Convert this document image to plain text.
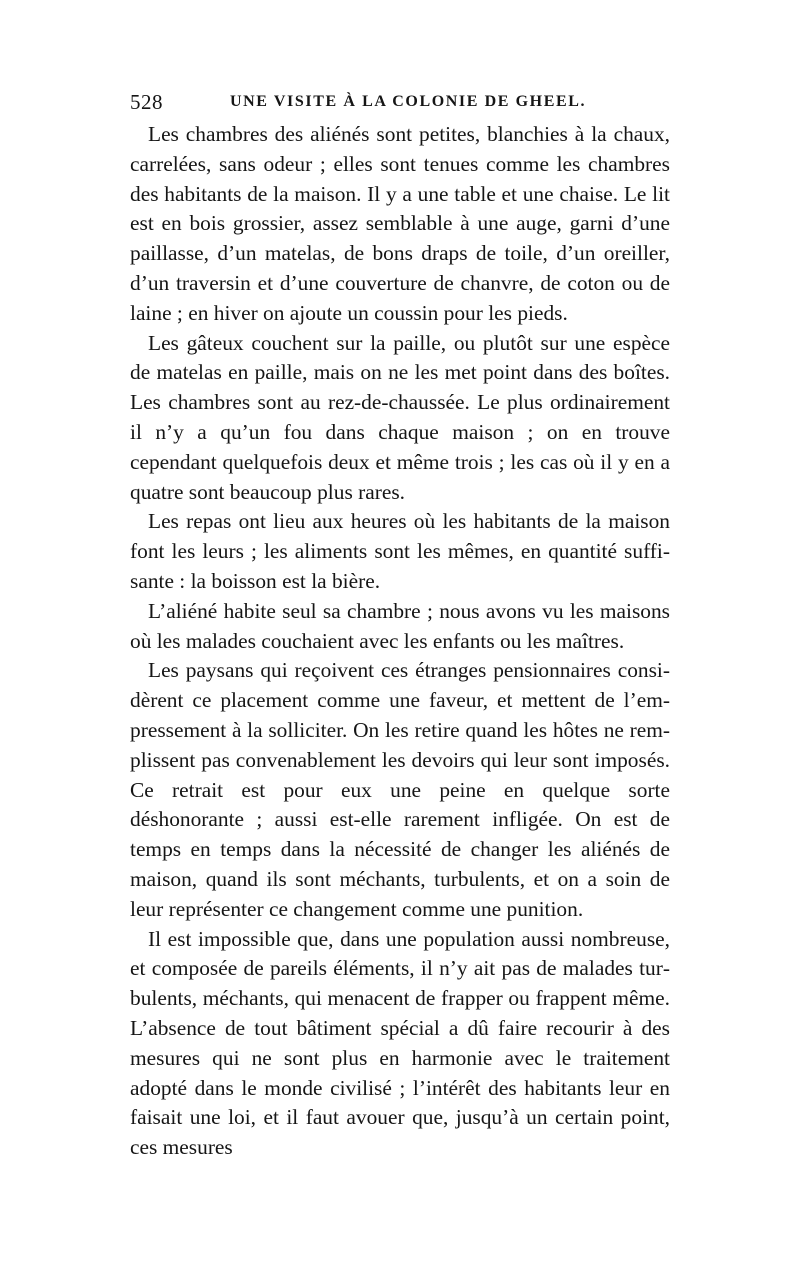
528	UNE VISITE À LA COLONIE DE GHEEL.

Les chambres des aliénés sont petites, blanchies à la chaux, carrelées, sans odeur ; elles sont tenues comme les chambres des habitants de la maison. Il y a une table et une chaise. Le lit est en bois grossier, assez semblable à une auge, garni d’une paillasse, d’un matelas, de bons draps de toile, d’un oreiller, d’un traversin et d’une couverture de chanvre, de coton ou de laine ; en hiver on ajoute un coussin pour les pieds.

Les gâteux couchent sur la paille, ou plutôt sur une espèce de matelas en paille, mais on ne les met point dans des boîtes. Les chambres sont au rez-de-chaussée. Le plus ordinairement il n’y a qu’un fou dans chaque maison ; on en trouve cependant quelquefois deux et même trois ; les cas où il y en a quatre sont beaucoup plus rares.

Les repas ont lieu aux heures où les habitants de la maison font les leurs ; les aliments sont les mêmes, en quantité suffisante : la boisson est la bière.

L’aliéné habite seul sa chambre ; nous avons vu les maisons où les malades couchaient avec les enfants ou les maîtres.

Les paysans qui reçoivent ces étranges pensionnaires considèrent ce placement comme une faveur, et mettent de l’empressement à la solliciter. On les retire quand les hôtes ne remplissent pas convenablement les devoirs qui leur sont imposés. Ce retrait est pour eux une peine en quelque sorte déshonorante ; aussi est-elle rarement infligée. On est de temps en temps dans la nécessité de changer les aliénés de maison, quand ils sont méchants, turbulents, et on a soin de leur représenter ce changement comme une punition.

Il est impossible que, dans une population aussi nombreuse, et composée de pareils éléments, il n’y ait pas de malades turbulents, méchants, qui menacent de frapper ou frappent même. L’absence de tout bâtiment spécial a dû faire recourir à des mesures qui ne sont plus en harmonie avec le traitement adopté dans le monde civilisé ; l’intérêt des habitants leur en faisait une loi, et il faut avouer que, jusqu’à un certain point, ces mesures
